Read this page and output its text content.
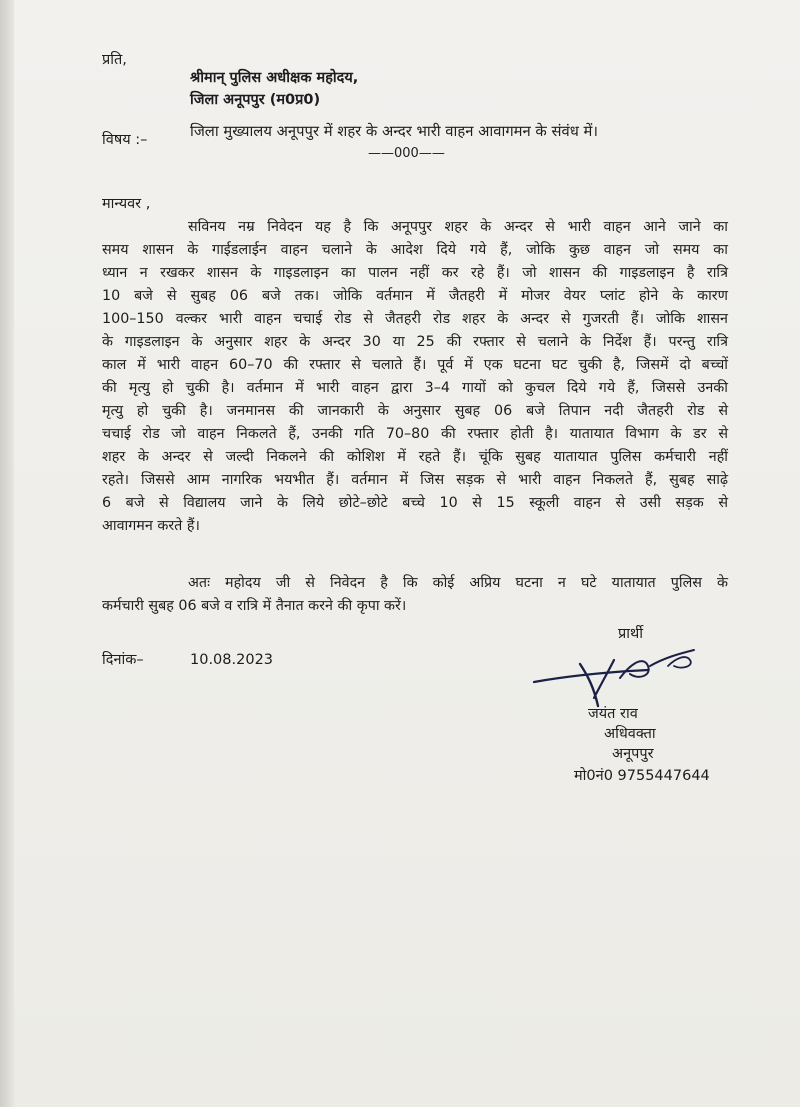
प्रति,
श्रीमान् पुलिस अधीक्षक महोदय,
जिला अनूपपुर (म0प्र0)
विषय :–	जिला मुख्यालय अनूपपुर में शहर के अन्दर भारी वाहन आवागमन के संवंध में।
——000——
मान्यवर ,
सविनय नम्र निवेदन यह है कि अनूपपुर शहर के अन्दर से भारी वाहन आने जाने का
समय शासन के गाईडलाईन वाहन चलाने के आदेश दिये गये हैं, जोकि कुछ वाहन जो समय का
ध्यान न रखकर शासन के गाइडलाइन का पालन नहीं कर रहे हैं। जो शासन की गाइडलाइन है रात्रि
10 बजे से सुबह 06 बजे तक। जोकि वर्तमान में जैतहरी में मोजर वेयर प्लांट होने के कारण
100–150 वल्कर भारी वाहन चचाई रोड से जैतहरी रोड शहर के अन्दर से गुजरती हैं। जोकि शासन
के गाइडलाइन के अनुसार शहर के अन्दर 30 या 25 की रफ्तार से चलाने के निर्देश हैं। परन्तु रात्रि
काल में भारी वाहन 60–70 की रफ्तार से चलाते हैं। पूर्व में एक घटना घट चुकी है, जिसमें दो बच्चों
की मृत्यु हो चुकी है। वर्तमान में भारी वाहन द्वारा 3–4 गायों को कुचल दिये गये हैं, जिससे उनकी
मृत्यु हो चुकी है। जनमानस की जानकारी के अनुसार सुबह 06 बजे तिपान नदी जैतहरी रोड से
चचाई रोड जो वाहन निकलते हैं, उनकी गति 70–80 की रफ्तार होती है। यातायात विभाग के डर से
शहर के अन्दर से जल्दी निकलने की कोशिश में रहते हैं। चूंकि सुबह यातायात पुलिस कर्मचारी नहीं
रहते। जिससे आम नागरिक भयभीत हैं। वर्तमान में जिस सड़क से भारी वाहन निकलते हैं, सुबह साढ़े
6 बजे से विद्यालय जाने के लिये छोटे–छोटे बच्चे 10 से 15 स्कूली वाहन से उसी सड़क से
आवागमन करते हैं।
अतः महोदय जी से निवेदन है कि कोई अप्रिय घटना न घटे यातायात पुलिस के
कर्मचारी सुबह 06 बजे व रात्रि में तैनात करने की कृपा करें।
प्रार्थी
दिनांक–	10.08.2023
जयंत राव
अधिवक्ता
अनूपपुर
मो0नं0 9755447644
